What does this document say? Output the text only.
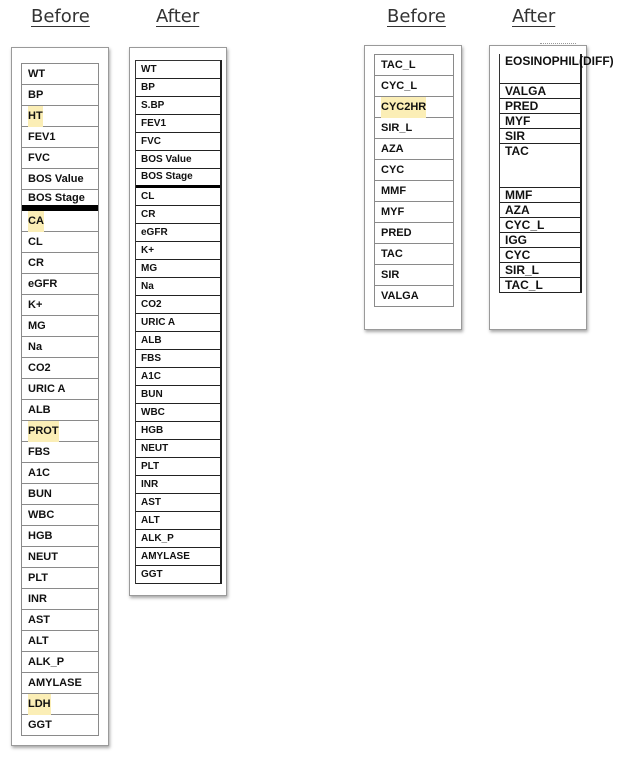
Before	After	Before	After
WT
BP
HT
FEV1
FVC
BOS Value
BOS Stage
CA
CL
CR
eGFR
K+
MG
Na
CO2
URIC A
ALB
PROT
FBS
A1C
BUN
WBC
HGB
NEUT
PLT
INR
AST
ALT
ALK_P
AMYLASE
LDH
GGT
WT
BP
S.BP
FEV1
FVC
BOS Value
BOS Stage
CL
CR
eGFR
K+
MG
Na
CO2
URIC A
ALB
FBS
A1C
BUN
WBC
HGB
NEUT
PLT
INR
AST
ALT
ALK_P
AMYLASE
GGT
TAC_L
CYC_L
CYC2HR
SIR_L
AZA
CYC
MMF
MYF
PRED
TAC
SIR
VALGA
EOSINOPHIL(DIFF)
VALGA
PRED
MYF
SIR
TAC
MMF
AZA
CYC_L
IGG
CYC
SIR_L
TAC_L
